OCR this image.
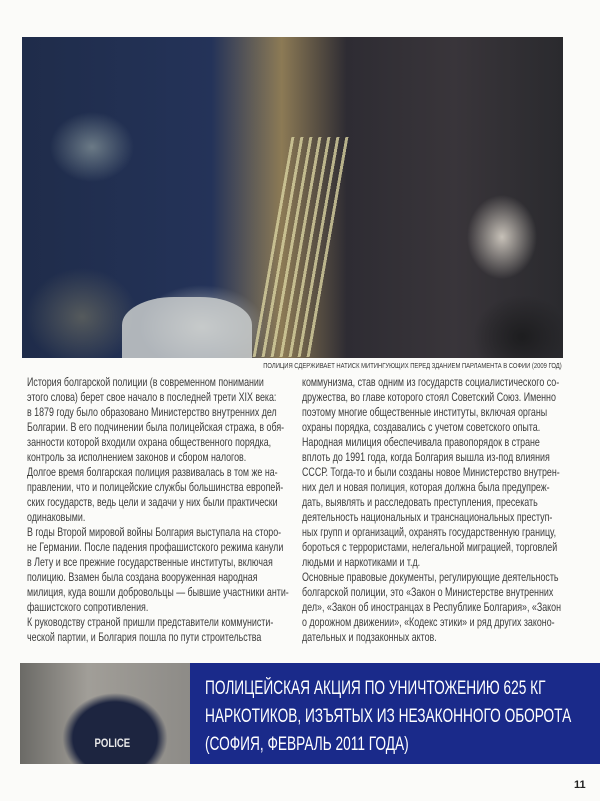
ПОЛИЦИЯ СДЕРЖИВАЕТ НАТИСК МИТИНГУЮЩИХ ПЕРЕД ЗДАНИЕМ ПАРЛАМЕНТА В СОФИИ (2009 ГОД)
История болгарской полиции (в современном понимании
этого слова) берет свое начало в последней трети XIX века:
в 1879 году было образовано Министерство внутренних дел
Болгарии. В его подчинении была полицейская стража, в обя-
занности которой входили охрана общественного порядка,
контроль за исполнением законов и сбором налогов.
Долгое время болгарская полиция развивалась в том же на-
правлении, что и полицейские службы большинства европей-
ских государств, ведь цели и задачи у них были практически
одинаковыми.
В годы Второй мировой войны Болгария выступала на сторо-
не Германии. После падения профашистского режима канули
в Лету и все прежние государственные институты, включая
полицию. Взамен была создана вооруженная народная
милиция, куда вошли добровольцы — бывшие участники анти-
фашистского сопротивления.
К руководству страной пришли представители коммунисти-
ческой партии, и Болгария пошла по пути строительства
коммунизма, став одним из государств социалистического со-
дружества, во главе которого стоял Советский Союз. Именно
поэтому многие общественные институты, включая органы
охраны порядка, создавались с учетом советского опыта.
Народная милиция обеспечивала правопорядок в стране
вплоть до 1991 года, когда Болгария вышла из-под влияния
СССР. Тогда-то и были созданы новое Министерство внутрен-
них дел и новая полиция, которая должна была предупреж-
дать, выявлять и расследовать преступления, пресекать
деятельность национальных и транснациональных преступ-
ных групп и организаций, охранять государственную границу,
бороться с террористами, нелегальной миграцией, торговлей
людьми и наркотиками и т.д.
Основные правовые документы, регулирующие деятельность
болгарской полиции, это «Закон о Министерстве внутренних
дел», «Закон об иностранцах в Республике Болгария», «Закон
о дорожном движении», «Кодекс этики» и ряд других законо-
дательных и подзаконных актов.
POLICE
ПОЛИЦЕЙСКАЯ АКЦИЯ ПО УНИЧТОЖЕНИЮ 625 КГ
НАРКОТИКОВ, ИЗЪЯТЫХ ИЗ НЕЗАКОННОГО ОБОРОТА
(СОФИЯ, ФЕВРАЛЬ 2011 ГОДА)
11
